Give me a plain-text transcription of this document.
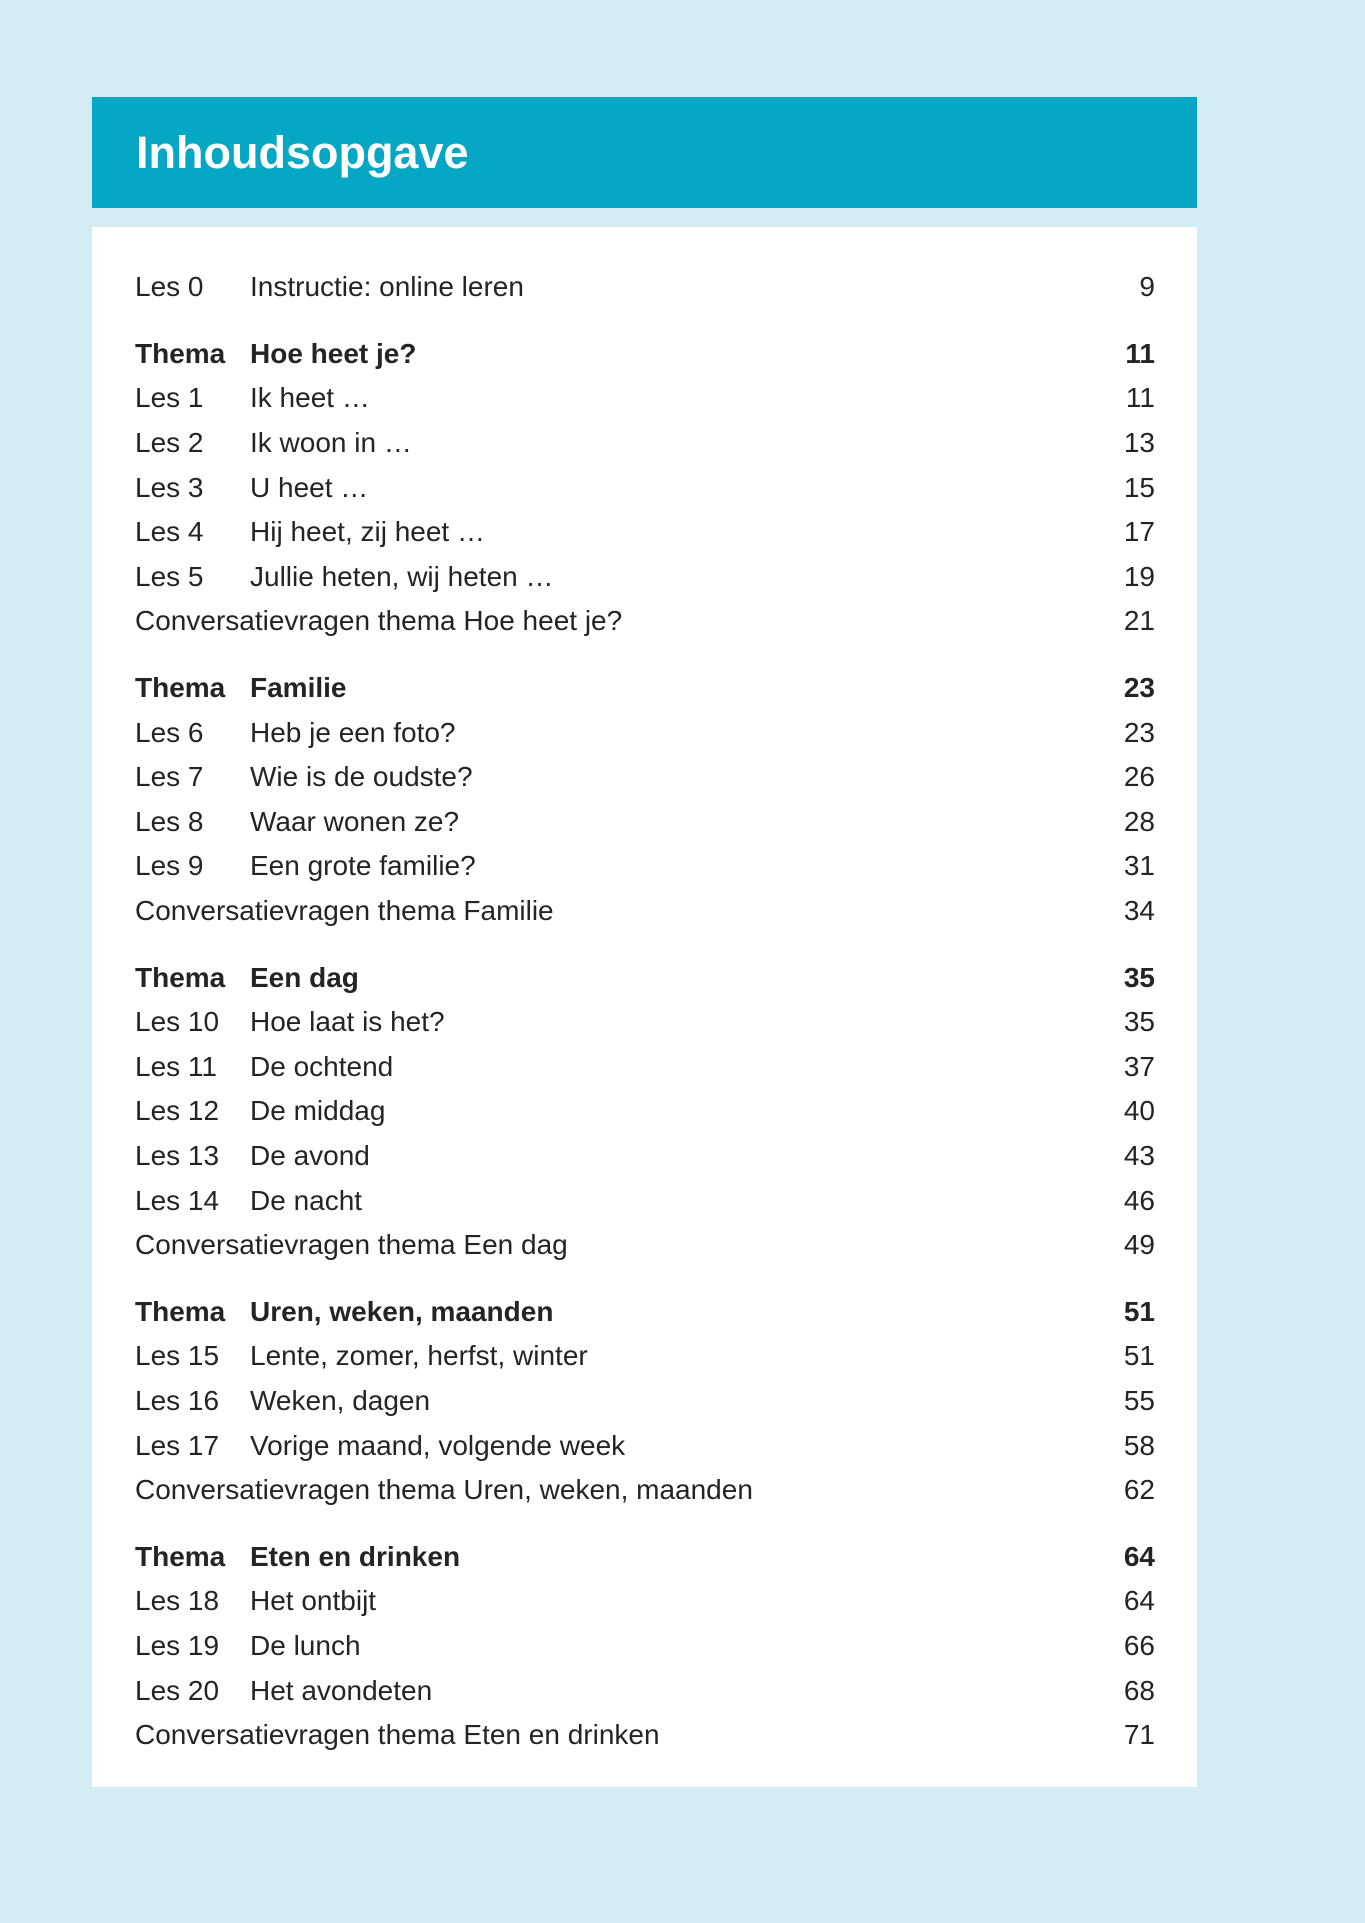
Inhoudsopgave
Les 0	Instructie: online leren	9
Thema Hoe heet je?	11
Les 1	Ik heet …	11
Les 2	Ik woon in …	13
Les 3	U heet …	15
Les 4	Hij heet, zij heet …	17
Les 5	Jullie heten, wij heten …	19
Conversatievragen thema Hoe heet je?	21
Thema Familie	23
Les 6	Heb je een foto?	23
Les 7	Wie is de oudste?	26
Les 8	Waar wonen ze?	28
Les 9	Een grote familie?	31
Conversatievragen thema Familie	34
Thema Een dag	35
Les 10	Hoe laat is het?	35
Les 11	De ochtend	37
Les 12	De middag	40
Les 13	De avond	43
Les 14	De nacht	46
Conversatievragen thema Een dag	49
Thema Uren, weken, maanden	51
Les 15	Lente, zomer, herfst, winter	51
Les 16	Weken, dagen	55
Les 17	Vorige maand, volgende week	58
Conversatievragen thema Uren, weken, maanden	62
Thema Eten en drinken	64
Les 18	Het ontbijt	64
Les 19	De lunch	66
Les 20	Het avondeten	68
Conversatievragen thema Eten en drinken	71
